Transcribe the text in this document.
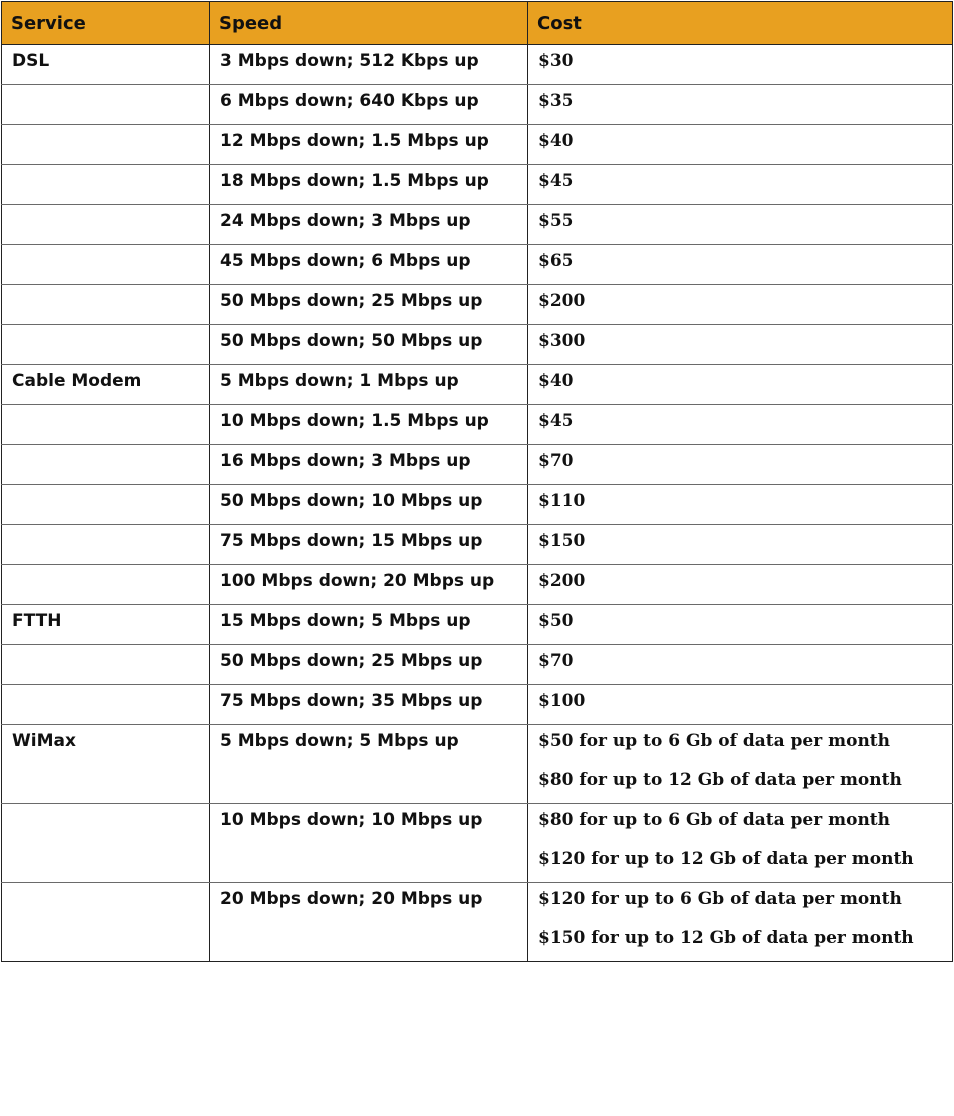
Service	Speed	Cost

DSL	3 Mbps down; 512 Kbps up	$30

	6 Mbps down; 640 Kbps up	$35

	12 Mbps down; 1.5 Mbps up	$40

	18 Mbps down; 1.5 Mbps up	$45

	24 Mbps down; 3 Mbps up	$55

	45 Mbps down; 6 Mbps up	$65

	50 Mbps down; 25 Mbps up	$200

	50 Mbps down; 50 Mbps up	$300

Cable Modem	5 Mbps down; 1 Mbps up	$40

	10 Mbps down; 1.5 Mbps up	$45

	16 Mbps down; 3 Mbps up	$70

	50 Mbps down; 10 Mbps up	$110

	75 Mbps down; 15 Mbps up	$150

	100 Mbps down; 20 Mbps up	$200

FTTH	15 Mbps down; 5 Mbps up	$50

	50 Mbps down; 25 Mbps up	$70

	75 Mbps down; 35 Mbps up	$100

WiMax	5 Mbps down; 5 Mbps up	$50 for up to 6 Gb of data per month
$80 for up to 12 Gb of data per month

	10 Mbps down; 10 Mbps up	$80 for up to 6 Gb of data per month
$120 for up to 12 Gb of data per month

	20 Mbps down; 20 Mbps up	$120 for up to 6 Gb of data per month
$150 for up to 12 Gb of data per month
